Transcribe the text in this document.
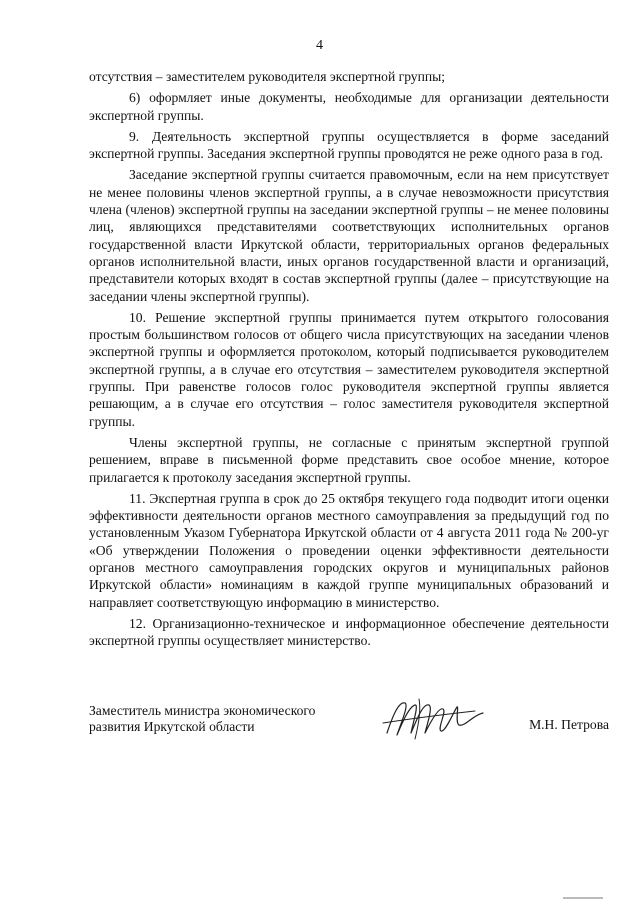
4

отсутствия – заместителем руководителя экспертной группы;

6) оформляет иные документы, необходимые для организации деятельности экспертной группы.

9. Деятельность экспертной группы осуществляется в форме заседаний экспертной группы. Заседания экспертной группы проводятся не реже одного раза в год.

Заседание экспертной группы считается правомочным, если на нем присутствует не менее половины членов экспертной группы, а в случае невозможности присутствия члена (членов) экспертной группы на заседании экспертной группы – не менее половины лиц, являющихся представителями соответствующих исполнительных органов государственной власти Иркутской области, территориальных органов федеральных органов исполнительной власти, иных органов государственной власти и организаций, представители которых входят в состав экспертной группы (далее – присутствующие на заседании члены экспертной группы).

10. Решение экспертной группы принимается путем открытого голосования простым большинством голосов от общего числа присутствующих на заседании членов экспертной группы и оформляется протоколом, который подписывается руководителем экспертной группы, а в случае его отсутствия – заместителем руководителя экспертной группы. При равенстве голосов голос руководителя экспертной группы является решающим, а в случае его отсутствия – голос заместителя руководителя экспертной группы.

Члены экспертной группы, не согласные с принятым экспертной группой решением, вправе в письменной форме представить свое особое мнение, которое прилагается к протоколу заседания экспертной группы.

11. Экспертная группа в срок до 25 октября текущего года подводит итоги оценки эффективности деятельности органов местного самоуправления за предыдущий год по установленным Указом Губернатора Иркутской области от 4 августа 2011 года № 200-уг «Об утверждении Положения о проведении оценки эффективности деятельности органов местного самоуправления городских округов и муниципальных районов Иркутской области» номинациям в каждой группе муниципальных образований и направляет соответствующую информацию в министерство.

12. Организационно-техническое и информационное обеспечение деятельности экспертной группы осуществляет министерство.

Заместитель министра экономического
развития Иркутской области	М.Н. Петрова
